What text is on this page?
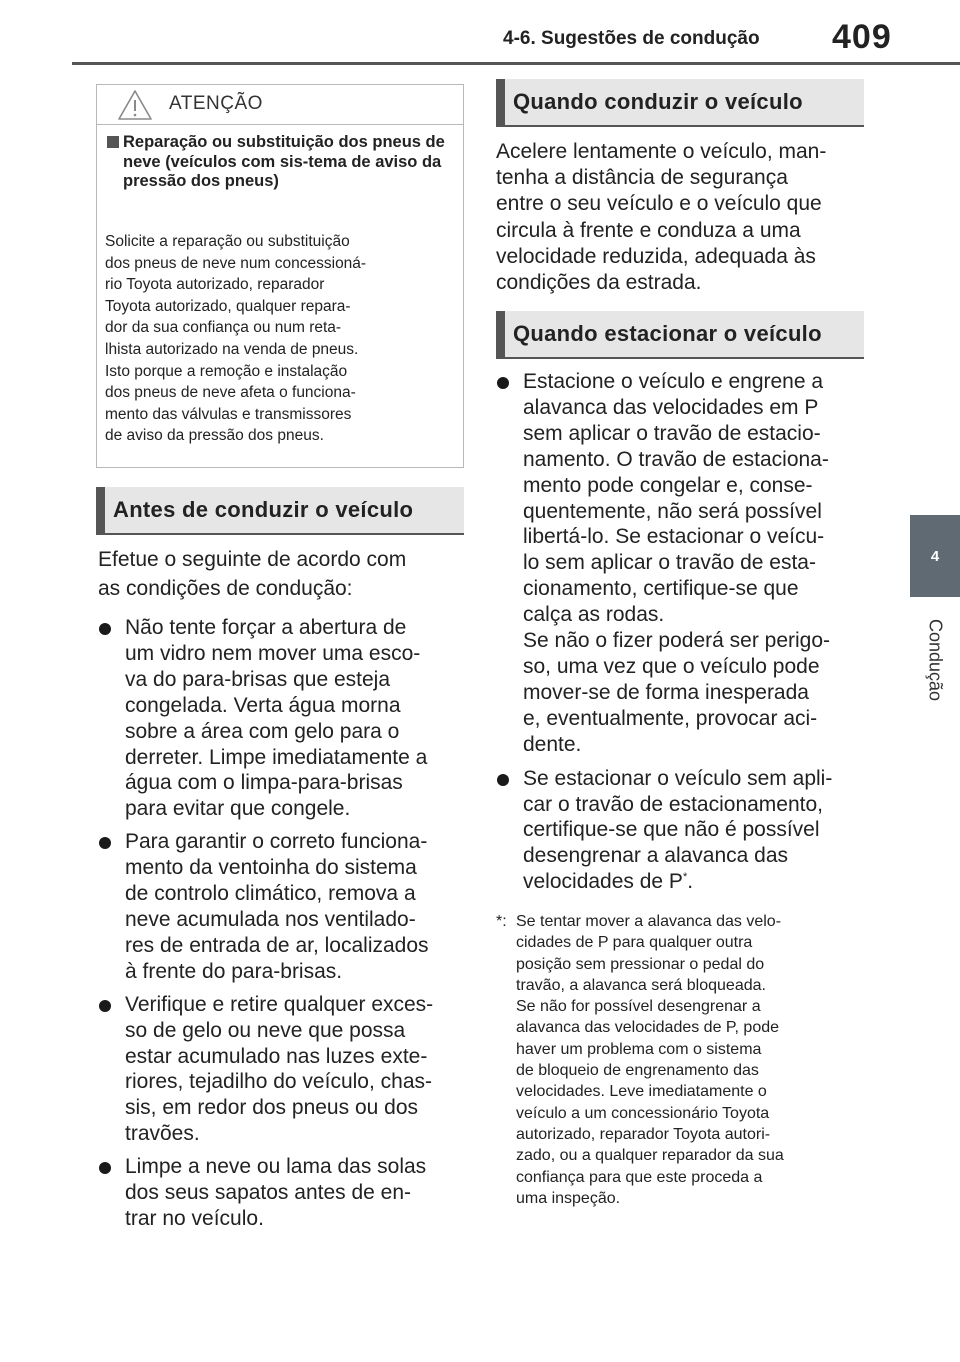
4-6. Sugestões de condução 409
4
Condução
ATENÇÃO
Reparação ou substituição dos pneus de neve (veículos com sis-tema de aviso da pressão dos pneus)
Solicite a reparação ou substituição
dos pneus de neve num concessioná-
rio Toyota autorizado, reparador
Toyota autorizado, qualquer repara-
dor da sua confiança ou num reta-
lhista autorizado na venda de pneus.
Isto porque a remoção e instalação
dos pneus de neve afeta o funciona-
mento das válvulas e transmissores
de aviso da pressão dos pneus.
Antes de conduzir o veículo
Efetue o seguinte de acordo com
as condições de condução:
Não tente forçar a abertura de
um vidro nem mover uma esco-
va do para-brisas que esteja
congelada. Verta água morna
sobre a área com gelo para o
derreter. Limpe imediatamente a
água com o limpa-para-brisas
para evitar que congele.
Para garantir o correto funciona-
mento da ventoinha do sistema
de controlo climático, remova a
neve acumulada nos ventilado-
res de entrada de ar, localizados
à frente do para-brisas.
Verifique e retire qualquer exces-
so de gelo ou neve que possa
estar acumulado nas luzes exte-
riores, tejadilho do veículo, chas-
sis, em redor dos pneus ou dos
travões.
Limpe a neve ou lama das solas
dos seus sapatos antes de en-
trar no veículo.
Quando conduzir o veículo
Acelere lentamente o veículo, man-
tenha a distância de segurança
entre o seu veículo e o veículo que
circula à frente e conduza a uma
velocidade reduzida, adequada às
condições da estrada.
Quando estacionar o veículo
Estacione o veículo e engrene a
alavanca das velocidades em P
sem aplicar o travão de estacio-
namento. O travão de estaciona-
mento pode congelar e, conse-
quentemente, não será possível
libertá-lo. Se estacionar o veícu-
lo sem aplicar o travão de esta-
cionamento, certifique-se que
calça as rodas.
Se não o fizer poderá ser perigo-
so, uma vez que o veículo pode
mover-se de forma inesperada
e, eventualmente, provocar aci-
dente.
Se estacionar o veículo sem apli-
car o travão de estacionamento,
certifique-se que não é possível
desengrenar a alavanca das
velocidades de P*.
*: Se tentar mover a alavanca das velo-
cidades de P para qualquer outra
posição sem pressionar o pedal do
travão, a alavanca será bloqueada.
Se não for possível desengrenar a
alavanca das velocidades de P, pode
haver um problema com o sistema
de bloqueio de engrenamento das
velocidades. Leve imediatamente o
veículo a um concessionário Toyota
autorizado, reparador Toyota autori-
zado, ou a qualquer reparador da sua
confiança para que este proceda a
uma inspeção.
